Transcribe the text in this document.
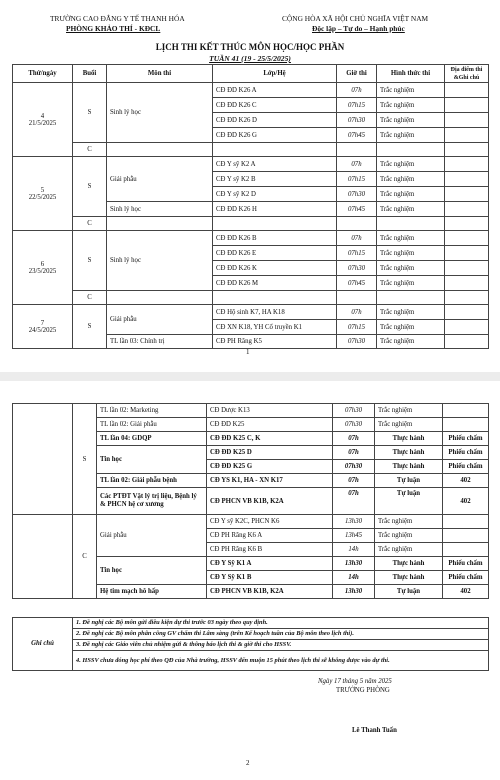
TRƯỜNG CAO ĐẲNG Y TẾ THANH HÓA
PHÒNG KHẢO THÍ - KĐCL
CỘNG HÒA XÃ HỘI CHỦ NGHĨA VIỆT NAM
Độc lập – Tự do – Hạnh phúc
LỊCH THI KẾT THÚC MÔN HỌC/HỌC PHẦN
TUẦN 41 (19 - 25/5/2025)
Thứ/ngày	Buổi	Môn thi	Lớp/Hệ	Giờ thi	Hình thức thi	Địa điểm thi &Ghi chú

4
21/5/2025	S	Sinh lý học	CĐ ĐD K26 A	07h	Trắc nghiệm	
			CĐ ĐD K26 C	07h15	Trắc nghiệm	
			CĐ ĐD K26 D	07h30	Trắc nghiệm	
			CĐ ĐD K26 G	07h45	Trắc nghiệm	
	C					

5
22/5/2025	S	Giải phẫu	CĐ Y sỹ K2 A	07h	Trắc nghiệm	
			CĐ Y sỹ K2 B	07h15	Trắc nghiệm	
			CĐ Y sỹ K2 D	07h30	Trắc nghiệm	
		Sinh lý học	CĐ ĐD K26 H	07h45	Trắc nghiệm	
	C					

6
23/5/2025	S	Sinh lý học	CĐ ĐD K26 B	07h	Trắc nghiệm	
			CĐ ĐD K26 E	07h15	Trắc nghiệm	
			CĐ ĐD K26 K	07h30	Trắc nghiệm	
			CĐ ĐD K26 M	07h45	Trắc nghiệm	
	C					

7
24/5/2025	S	Giải phẫu	CĐ Hộ sinh K7, HA K18	07h	Trắc nghiệm	
			CĐ XN K18, YH Cổ truyền K1	07h15	Trắc nghiệm	
		TL lần 03: Chính trị	CĐ PH Răng K5	07h30	Trắc nghiệm	
1
	S	TL lần 02: Marketing	CĐ Dược K13	07h30	Trắc nghiệm	
		TL lần 02: Giải phẫu	CĐ ĐD K25	07h30	Trắc nghiệm	
		TL lần 04: GDQP	CĐ ĐD K25 C, K	07h	Thực hành	Phiếu chấm
		Tin học	CĐ ĐD K25 D	07h	Thực hành	Phiếu chấm
			CĐ ĐD K25 G	07h30	Thực hành	Phiếu chấm
		TL lần 02: Giải phẫu bệnh	CĐ YS K1, HA - XN K17	07h	Tự luận	402
		Các PTĐT Vật lý trị liệu, Bệnh lý & PHCN hệ cơ xương	CĐ PHCN VB K1B, K2A	07h	Tự luận	402
	C	Giải phẫu	CĐ Y sỹ K2C, PHCN K6	13h30	Trắc nghiệm	
			CĐ PH Răng K6 A	13h45	Trắc nghiệm	
			CĐ PH Răng K6 B	14h	Trắc nghiệm	
		Tin học	CĐ Y Sỹ K1 A	13h30	Thực hành	Phiếu chấm
			CĐ Y Sỹ K1 B	14h	Thực hành	Phiếu chấm
		Hệ tim mạch hô hấp	CĐ PHCN VB K1B, K2A	13h30	Tự luận	402
Ghi chú	1. Đề nghị các Bộ môn gửi điều kiện dự thi trước 03 ngày theo quy định.
2. Đề nghị các Bộ môn phân công GV chấm thi Lâm sàng (trên Kế hoạch tuần của Bộ môn theo lịch thi).
3. Đề nghị các Giáo viên chủ nhiệm gửi & thông báo lịch thi & giờ thi cho HSSV.
4. HSSV chưa đóng học phí theo QĐ của Nhà trường, HSSV đến muộn 15 phút theo lịch thi sẽ không được vào dự thi.
Ngày 17 tháng 5 năm 2025
TRƯỞNG PHÒNG
Lê Thanh Tuấn
2
